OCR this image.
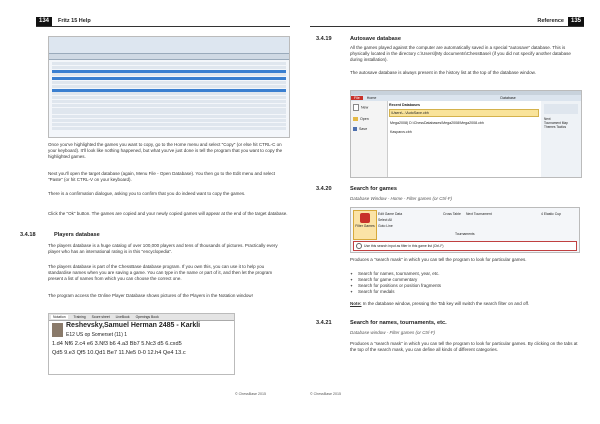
134	Fritz 15 Help
Once you've highlighted the games you want to copy, go to the Home menu and select "Copy" (or else hit CTRL-C on your keyboard). It'll look like nothing happened, but what you've just done is tell the program that you want to copy the highlighted games.
Next you'll open the target database (again, Menu File - Open Database). You then go to the Edit menu and select "Paste" (or hit CTRL-V on your keyboard).
There is a confirmation dialogue, asking you to confirm that you do indeed want to copy the games.
Click the "Ok" button. The games are copied and your newly copied games will appear at the end of the target database.
3.4.18	Players database
The players database is a huge catalog of over 100,000 players and tens of thousands of pictures. Practically every player who has an international rating is in this "encyclopedia".
The players database is part of the ChessBase database program. If you own this, you can use it to help you standardise names when you are saving a game. You can type in the name or part of it, and then let the program present a list of names from which you can choose the correct one.
The program access the Online Player Database shows pictures of the Players in the Notation window!
Notation Training Score sheet LiveBook Openings Book
Reshevsky,Samuel Herman 2485 - Karkli
E12 US op Somerset (11) 1
1.d4 Nf6 2.c4 e6 3.Nf3 b6 4.a3 Bb7 5.Nc3 d5 6.cxd5
Qd5 9.e3 Qf5 10.Qd1 Be7 11.Ne5 0-0 12.h4 Qe4 13.c
© ChessBase 2015
Reference	135
3.4.19	Autosave database
All the games played against the computer are automatically saved in a special "autosave" database. This is physically located in the directory c:\Users\[My documents\ChessBase\ (if you did not specify another database during installation).
The autosave database is always present in the history list at the top of the database window.
File Home	Database
New
Open
Save
Recent Databases
\Users\...\AutoSave.cbh
Mega2008) D:\ChessDatabases\Mega2008\Mega2008.cbh
Kasparov.cbh
Next
Tournament Map
Themes Tactics
3.4.20	Search for games
Database Window - Home - Filter games (or Ctrl-F)
Filter Games
Edit Game Data
Select All
Goto Line
Cross Table Next Tournament
Tournaments
4 Elastic Cup
Use this search input as filter in this game list (Ctrl-F)
Produces a "search mask" in which you can tell the program to look for particular games.
✦ Search for names, tournament, year, etc.
✦ Search for game commentary
✦ Search for positions or position fragments
✦ Search for medals
Note: In the database window, pressing the Tab key will switch the search filter on and off.
3.4.21	Search for names, tournaments, etc.
Database window - Filter games (or Ctrl-F)
Produces a "search mask" in which you can tell the program to look for particular games. By clicking on the tabs at the top of the search mask, you can define all kinds of different categories.
© ChessBase 2015
